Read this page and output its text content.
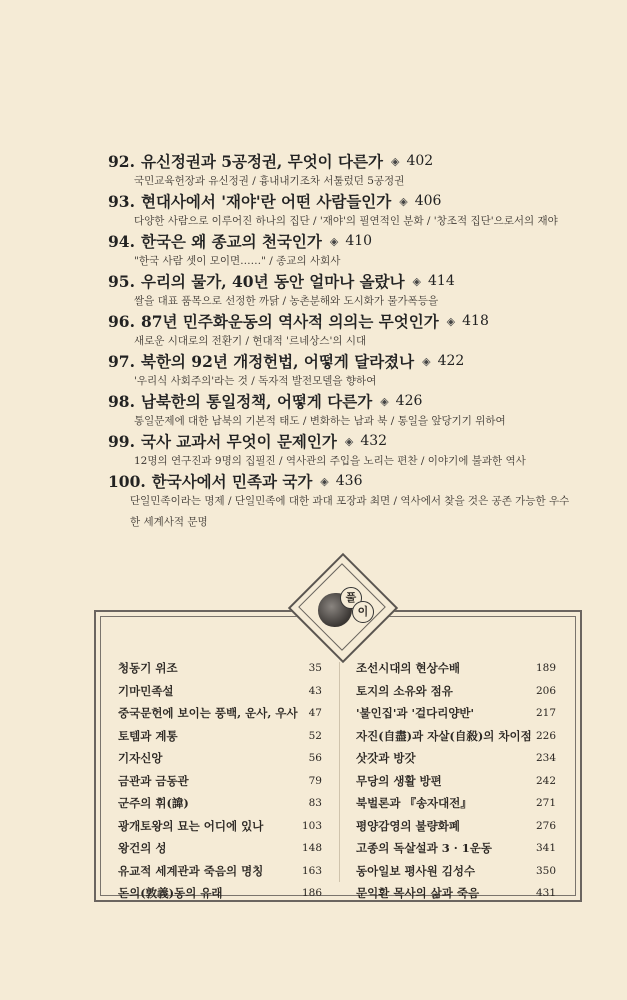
92. 유신정권과 5공정권, 무엇이 다른가 ◈ 402
국민교육헌장과 유신정권 / 흉내내기조차 서툴렀던 5공정권
93. 현대사에서 '재야'란 어떤 사람들인가 ◈ 406
다양한 사람으로 이루어진 하나의 집단 / '재야'의 필연적인 분화 / '창조적 집단'으로서의 재야
94. 한국은 왜 종교의 천국인가 ◈ 410
"한국 사람 셋이 모이면……" / 종교의 사회사
95. 우리의 물가, 40년 동안 얼마나 올랐나 ◈ 414
쌀을 대표 품목으로 선정한 까닭 / 농촌분해와 도시화가 물가폭등을
96. 87년 민주화운동의 역사적 의의는 무엇인가 ◈ 418
새로운 시대로의 전환기 / 현대적 '르네상스'의 시대
97. 북한의 92년 개정헌법, 어떻게 달라졌나 ◈ 422
'우리식 사회주의'라는 것 / 독자적 발전모델을 향하여
98. 남북한의 통일정책, 어떻게 다른가 ◈ 426
통일문제에 대한 남북의 기본적 태도 / 변화하는 남과 북 / 통일을 앞당기기 위하여
99. 국사 교과서 무엇이 문제인가 ◈ 432
12명의 연구진과 9명의 집필진 / 역사관의 주입을 노리는 편찬 / 이야기에 불과한 역사
100. 한국사에서 민족과 국가 ◈ 436
단일민족이라는 명제 / 단일민족에 대한 과대 포장과 최면 / 역사에서 찾을 것은 공존 가능한 우수한 세계사적 문명
풀
이
청동기 위조	35
기마민족설	43
중국문헌에 보이는 풍백, 운사, 우사 47
토템과 계통	52
기자신앙	56
금관과 금동관	79
군주의 휘(諱)	83
광개토왕의 묘는 어디에 있나	103
왕건의 성	148
유교적 세계관과 죽음의 명칭	163
돈의(敦義)동의 유래	186
조선시대의 현상수배	189
토지의 소유와 점유	206
'불인집'과 '걸다리양반'	217
자진(自盡)과 자살(自殺)의 차이점 226
삿갓과 방갓	234
무당의 생활 방편	242
북벌론과 『송자대전』	271
평양감영의 불량화폐	276
고종의 독살설과 3 · 1운동	341
동아일보 평사원 김성수	350
문익환 목사의 삶과 죽음	431
